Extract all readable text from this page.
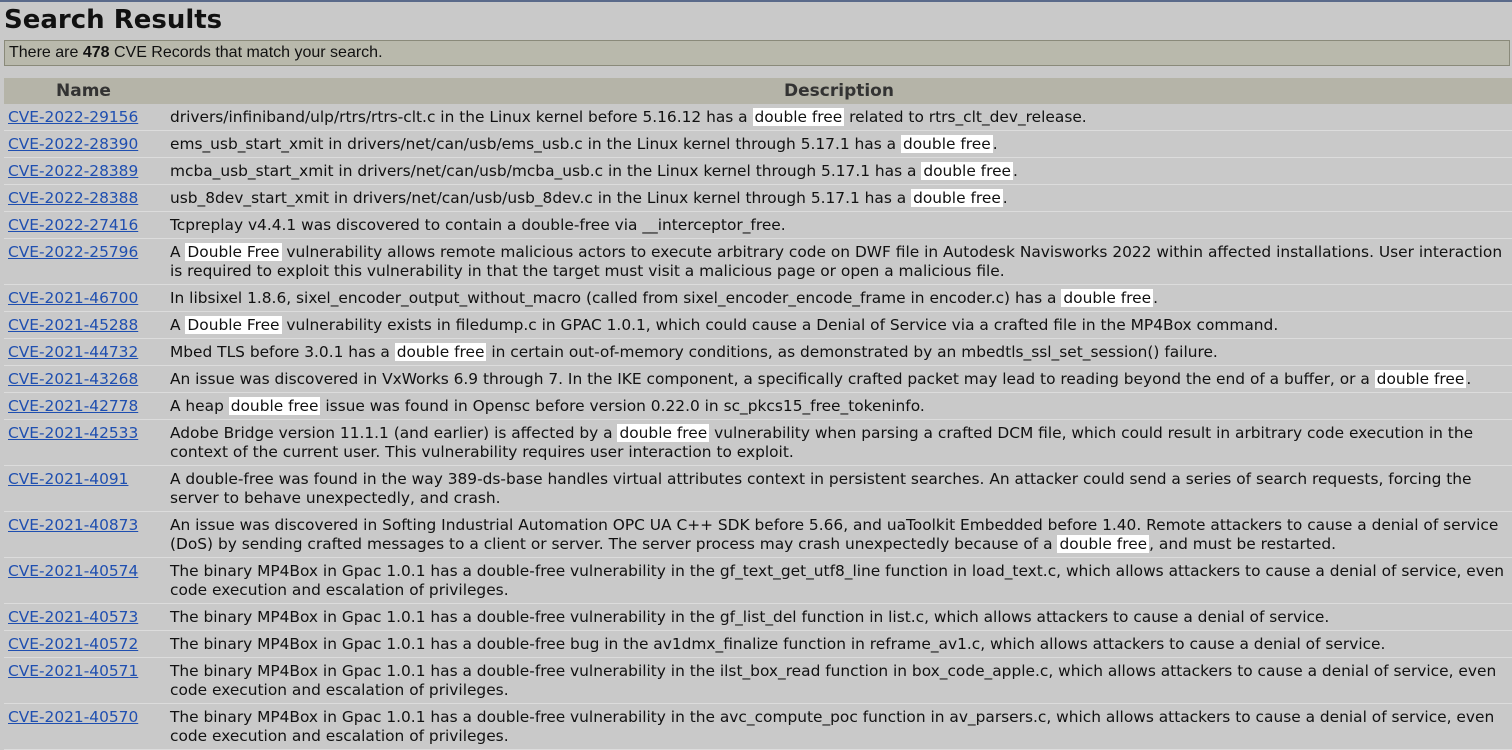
Search Results
There are 478 CVE Records that match your search.
Name	Description
CVE-2022-29156	drivers/infiniband/ulp/rtrs/rtrs-clt.c in the Linux kernel before 5.16.12 has a double free related to rtrs_clt_dev_release.
CVE-2022-28390	ems_usb_start_xmit in drivers/net/can/usb/ems_usb.c in the Linux kernel through 5.17.1 has a double free .
CVE-2022-28389	mcba_usb_start_xmit in drivers/net/can/usb/mcba_usb.c in the Linux kernel through 5.17.1 has a double free .
CVE-2022-28388	usb_8dev_start_xmit in drivers/net/can/usb/usb_8dev.c in the Linux kernel through 5.17.1 has a double free .
CVE-2022-27416	Tcpreplay v4.4.1 was discovered to contain a double-free via __interceptor_free.
CVE-2022-25796	A Double Free vulnerability allows remote malicious actors to execute arbitrary code on DWF file in Autodesk Navisworks 2022 within affected installations. User interaction is required to exploit this vulnerability in that the target must visit a malicious page or open a malicious file.
CVE-2021-46700	In libsixel 1.8.6, sixel_encoder_output_without_macro (called from sixel_encoder_encode_frame in encoder.c) has a double free .
CVE-2021-45288	A Double Free vulnerability exists in filedump.c in GPAC 1.0.1, which could cause a Denial of Service via a crafted file in the MP4Box command.
CVE-2021-44732	Mbed TLS before 3.0.1 has a double free in certain out-of-memory conditions, as demonstrated by an mbedtls_ssl_set_session() failure.
CVE-2021-43268	An issue was discovered in VxWorks 6.9 through 7. In the IKE component, a specifically crafted packet may lead to reading beyond the end of a buffer, or a double free .
CVE-2021-42778	A heap double free issue was found in Opensc before version 0.22.0 in sc_pkcs15_free_tokeninfo.
CVE-2021-42533	Adobe Bridge version 11.1.1 (and earlier) is affected by a double free vulnerability when parsing a crafted DCM file, which could result in arbitrary code execution in the context of the current user. This vulnerability requires user interaction to exploit.
CVE-2021-4091	A double-free was found in the way 389-ds-base handles virtual attributes context in persistent searches. An attacker could send a series of search requests, forcing the server to behave unexpectedly, and crash.
CVE-2021-40873	An issue was discovered in Softing Industrial Automation OPC UA C++ SDK before 5.66, and uaToolkit Embedded before 1.40. Remote attackers to cause a denial of service (DoS) by sending crafted messages to a client or server. The server process may crash unexpectedly because of a double free , and must be restarted.
CVE-2021-40574	The binary MP4Box in Gpac 1.0.1 has a double-free vulnerability in the gf_text_get_utf8_line function in load_text.c, which allows attackers to cause a denial of service, even code execution and escalation of privileges.
CVE-2021-40573	The binary MP4Box in Gpac 1.0.1 has a double-free vulnerability in the gf_list_del function in list.c, which allows attackers to cause a denial of service.
CVE-2021-40572	The binary MP4Box in Gpac 1.0.1 has a double-free bug in the av1dmx_finalize function in reframe_av1.c, which allows attackers to cause a denial of service.
CVE-2021-40571	The binary MP4Box in Gpac 1.0.1 has a double-free vulnerability in the ilst_box_read function in box_code_apple.c, which allows attackers to cause a denial of service, even code execution and escalation of privileges.
CVE-2021-40570	The binary MP4Box in Gpac 1.0.1 has a double-free vulnerability in the avc_compute_poc function in av_parsers.c, which allows attackers to cause a denial of service, even code execution and escalation of privileges.
